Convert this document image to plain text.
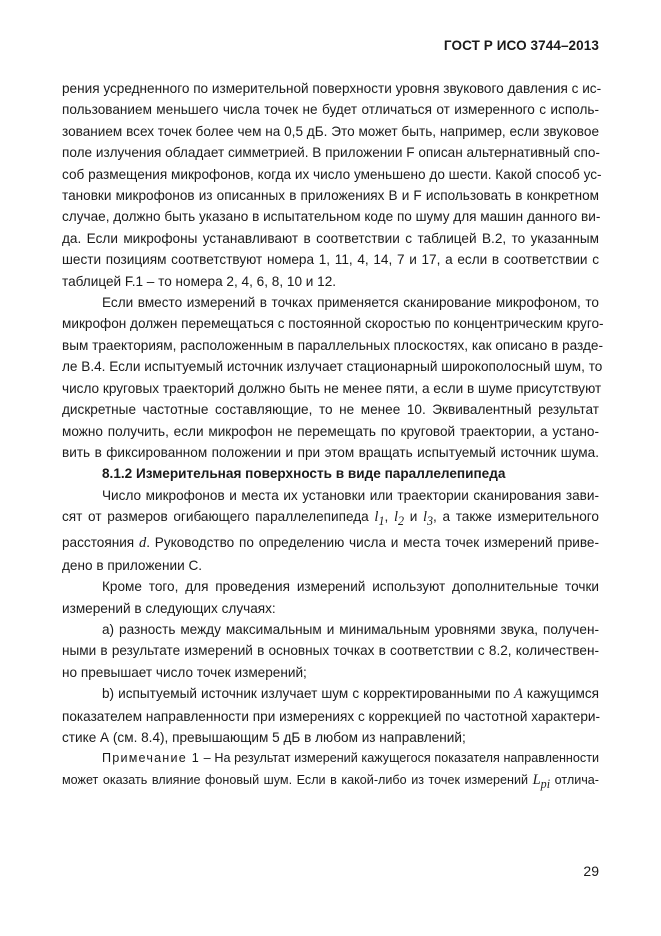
ГОСТ Р ИСО 3744–2013

рения усредненного по измерительной поверхности уровня звукового давления с ис-
пользованием меньшего числа точек не будет отличаться от измеренного с исполь-
зованием всех точек более чем на 0,5 дБ. Это может быть, например, если звуковое
поле излучения обладает симметрией. В приложении F описан альтернативный спо-
соб размещения микрофонов, когда их число уменьшено до шести. Какой способ ус-
тановки микрофонов из описанных в приложениях В и F использовать в конкретном
случае, должно быть указано в испытательном коде по шуму для машин данного ви-
да. Если микрофоны устанавливают в соответствии с таблицей В.2, то указанным
шести позициям соответствуют номера 1, 11, 4, 14, 7 и 17, а если в соответствии с
таблицей F.1 – то номера 2, 4, 6, 8, 10 и 12.

Если вместо измерений в точках применяется сканирование микрофоном, то
микрофон должен перемещаться с постоянной скоростью по концентрическим круго-
вым траекториям, расположенным в параллельных плоскостях, как описано в разде-
ле В.4. Если испытуемый источник излучает стационарный широкополосный шум, то
число круговых траекторий должно быть не менее пяти, а если в шуме присутствуют
дискретные частотные составляющие, то не менее 10. Эквивалентный результат
можно получить, если микрофон не перемещать по круговой траектории, а устано-
вить в фиксированном положении и при этом вращать испытуемый источник шума.

8.1.2 Измерительная поверхность в виде параллелепипеда

Число микрофонов и места их установки или траектории сканирования зави-
сят от размеров огибающего параллелепипеда $l_1$, $l_2$ и $l_3$, а также измерительного
расстояния d. Руководство по определению числа и места точек измерений приве-
дено в приложении С.

Кроме того, для проведения измерений используют дополнительные точки
измерений в следующих случаях:

a) разность между максимальным и минимальным уровнями звука, получен-
ными в результате измерений в основных точках в соответствии с 8.2, количествен-
но превышает число точек измерений;

b) испытуемый источник излучает шум с корректированными по A кажущимся
показателем направленности при измерениях с коррекцией по частотной характери-
стике А (см. 8.4), превышающим 5 дБ в любом из направлений;

Примечание 1 – На результат измерений кажущегося показателя направленности
может оказать влияние фоновый шум. Если в какой-либо из точек измерений $L_{pi}$ отлича-

29
